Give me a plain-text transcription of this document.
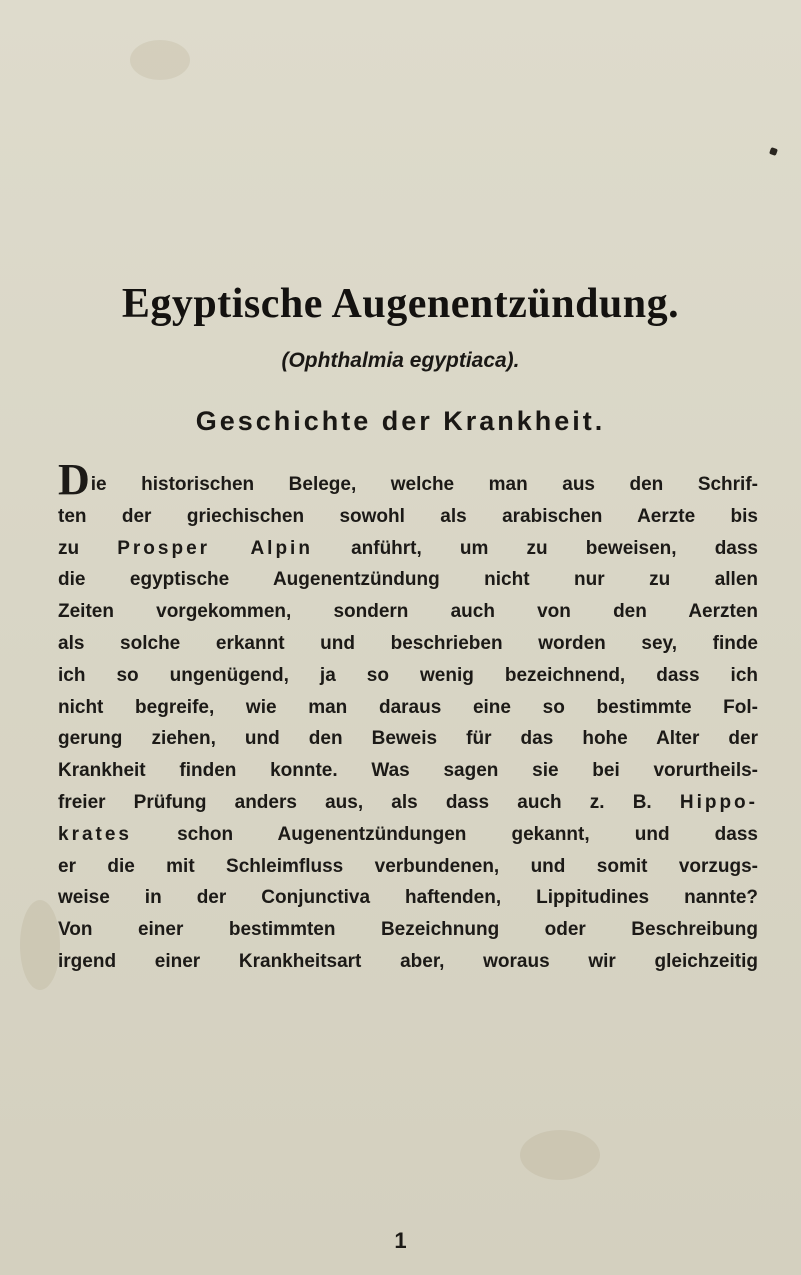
Egyptische Augenentzündung.
(Ophthalmia egyptiaca).
Geschichte der Krankheit.
Die historischen Belege, welche man aus den Schrif-
ten der griechischen sowohl als arabischen Aerzte bis
zu Prosper Alpin anführt, um zu beweisen, dass
die egyptische Augenentzündung nicht nur zu allen
Zeiten vorgekommen, sondern auch von den Aerzten
als solche erkannt und beschrieben worden sey, finde
ich so ungenügend, ja so wenig bezeichnend, dass ich
nicht begreife, wie man daraus eine so bestimmte Fol-
gerung ziehen, und den Beweis für das hohe Alter der
Krankheit finden konnte. Was sagen sie bei vorurtheils-
freier Prüfung anders aus, als dass auch z. B. Hippo-
krates schon Augenentzündungen gekannt, und dass
er die mit Schleimfluss verbundenen, und somit vorzugs-
weise in der Conjunctiva haftenden, Lippitudines nannte?
Von einer bestimmten Bezeichnung oder Beschreibung
irgend einer Krankheitsart aber, woraus wir gleichzeitig
1
